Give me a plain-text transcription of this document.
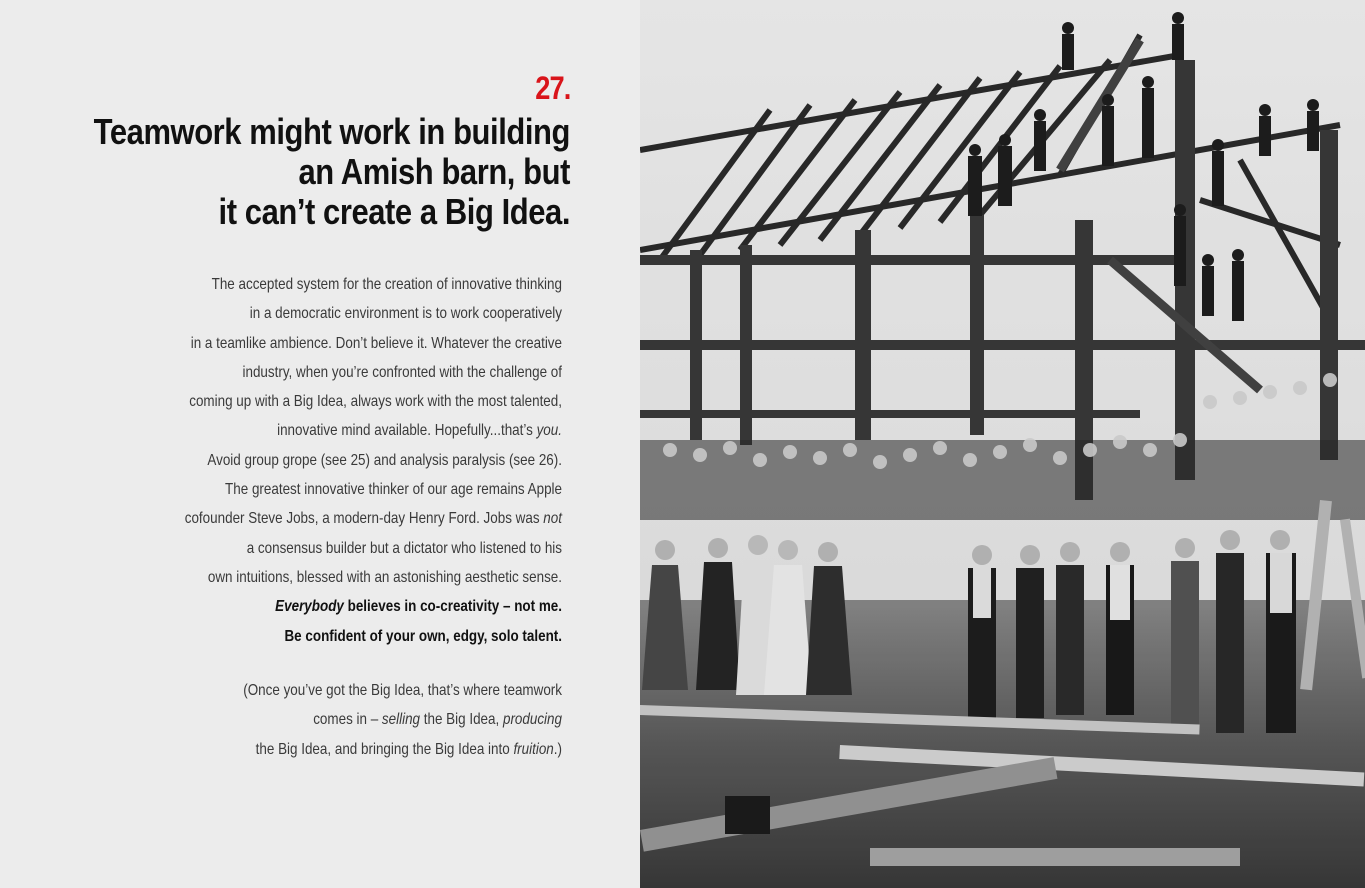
27.
Teamwork might work in building
an Amish barn, but
it can’t create a Big Idea.
The accepted system for the creation of innovative thinking
in a democratic environment is to work cooperatively
in a teamlike ambience. Don’t believe it. Whatever the creative
industry, when you’re confronted with the challenge of
coming up with a Big Idea, always work with the most talented,
innovative mind available. Hopefully...that’s you.
Avoid group grope (see 25) and analysis paralysis (see 26).
The greatest innovative thinker of our age remains Apple
cofounder Steve Jobs, a modern-day Henry Ford. Jobs was not
a consensus builder but a dictator who listened to his
own intuitions, blessed with an astonishing aesthetic sense.
Everybody believes in co-creativity – not me.
Be confident of your own, edgy, solo talent.
(Once you’ve got the Big Idea, that’s where teamwork
comes in – selling the Big Idea, producing
the Big Idea, and bringing the Big Idea into fruition.)
